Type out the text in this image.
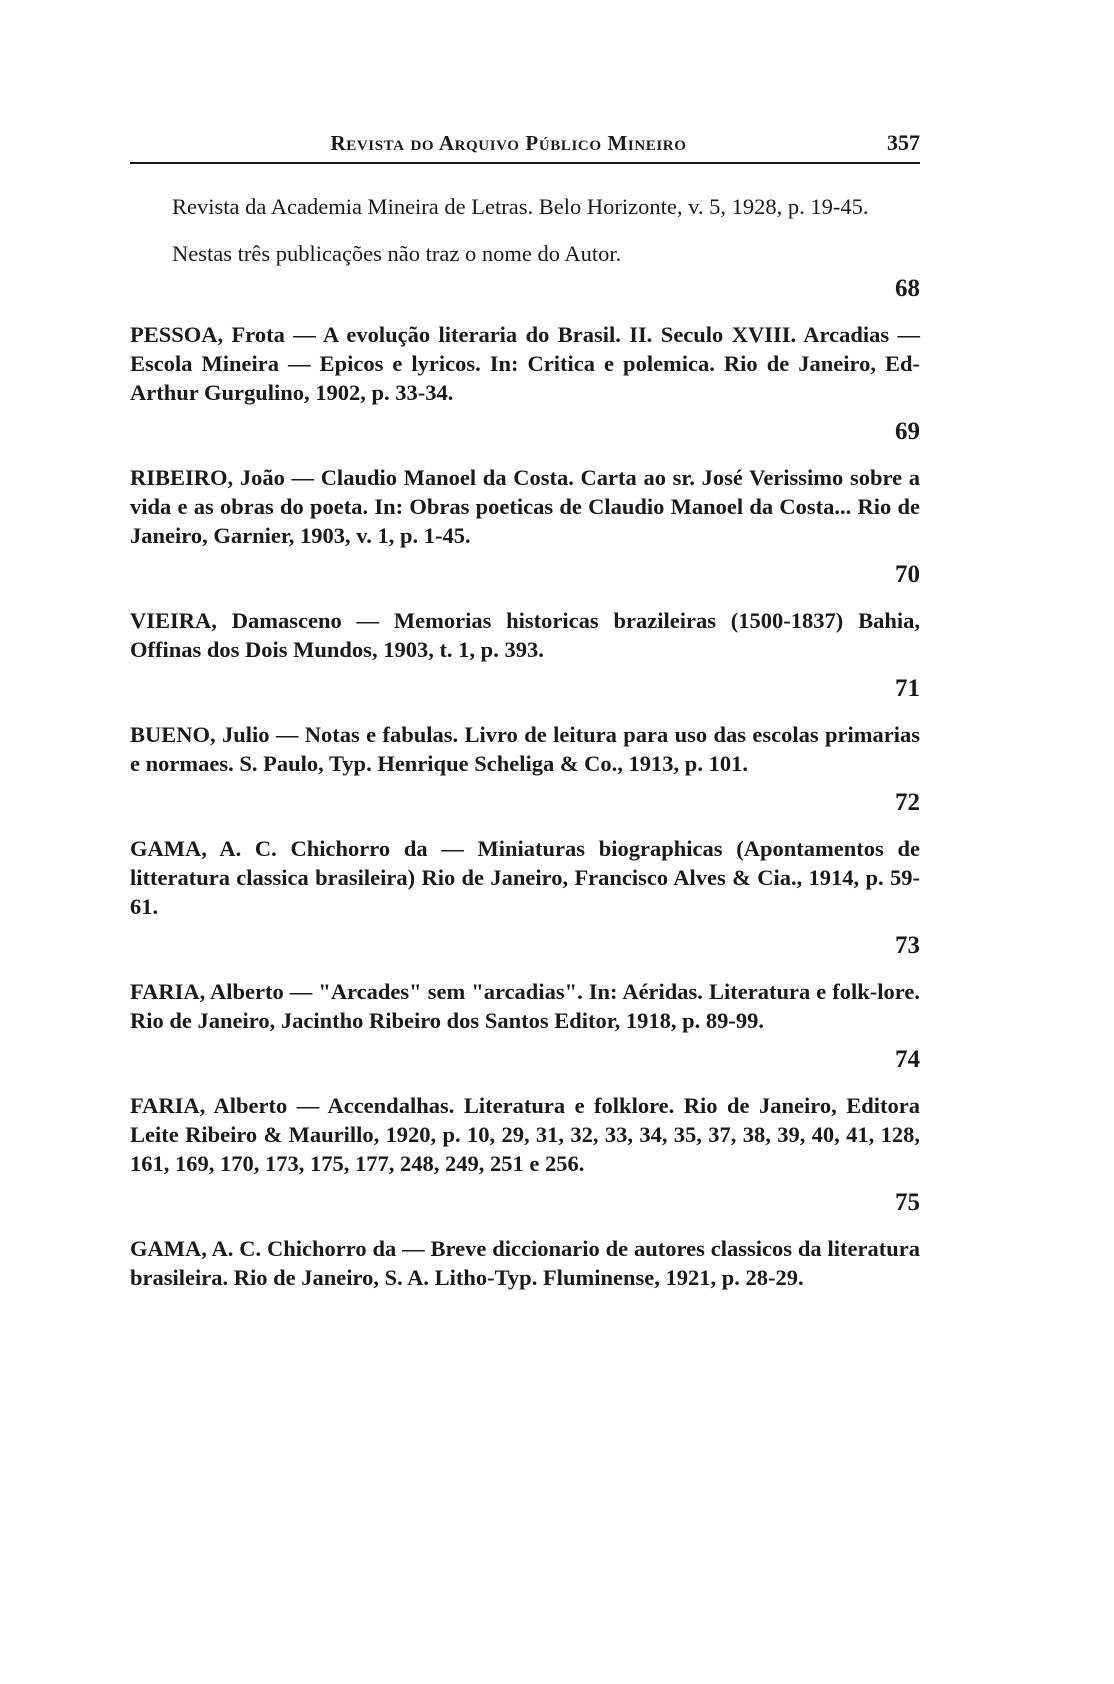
Revista do Arquivo Público Mineiro	357

Revista da Academia Mineira de Letras. Belo Horizonte, v. 5, 1928, p. 19-45.

Nestas três publicações não traz o nome do Autor.

68

PESSOA, Frota — A evolução literaria do Brasil. II. Seculo XVIII. Arcadias — Escola Mineira — Epicos e lyricos. In: Critica e polemica. Rio de Janeiro, Ed-Arthur Gurgulino, 1902, p. 33-34.

69

RIBEIRO, João — Claudio Manoel da Costa. Carta ao sr. José Verissimo sobre a vida e as obras do poeta. In: Obras poeticas de Claudio Manoel da Costa... Rio de Janeiro, Garnier, 1903, v. 1, p. 1-45.

70

VIEIRA, Damasceno — Memorias historicas brazileiras (1500-1837) Bahia, Offinas dos Dois Mundos, 1903, t. 1, p. 393.

71

BUENO, Julio — Notas e fabulas. Livro de leitura para uso das escolas primarias e normaes. S. Paulo, Typ. Henrique Scheliga & Co., 1913, p. 101.

72

GAMA, A. C. Chichorro da — Miniaturas biographicas (Apontamentos de litteratura classica brasileira) Rio de Janeiro, Francisco Alves & Cia., 1914, p. 59-61.

73

FARIA, Alberto — "Arcades" sem "arcadias". In: Aéridas. Literatura e folk-lore. Rio de Janeiro, Jacintho Ribeiro dos Santos Editor, 1918, p. 89-99.

74

FARIA, Alberto — Accendalhas. Literatura e folklore. Rio de Janeiro, Editora Leite Ribeiro & Maurillo, 1920, p. 10, 29, 31, 32, 33, 34, 35, 37, 38, 39, 40, 41, 128, 161, 169, 170, 173, 175, 177, 248, 249, 251 e 256.

75

GAMA, A. C. Chichorro da — Breve diccionario de autores classicos da literatura brasileira. Rio de Janeiro, S. A. Litho-Typ. Fluminense, 1921, p. 28-29.
